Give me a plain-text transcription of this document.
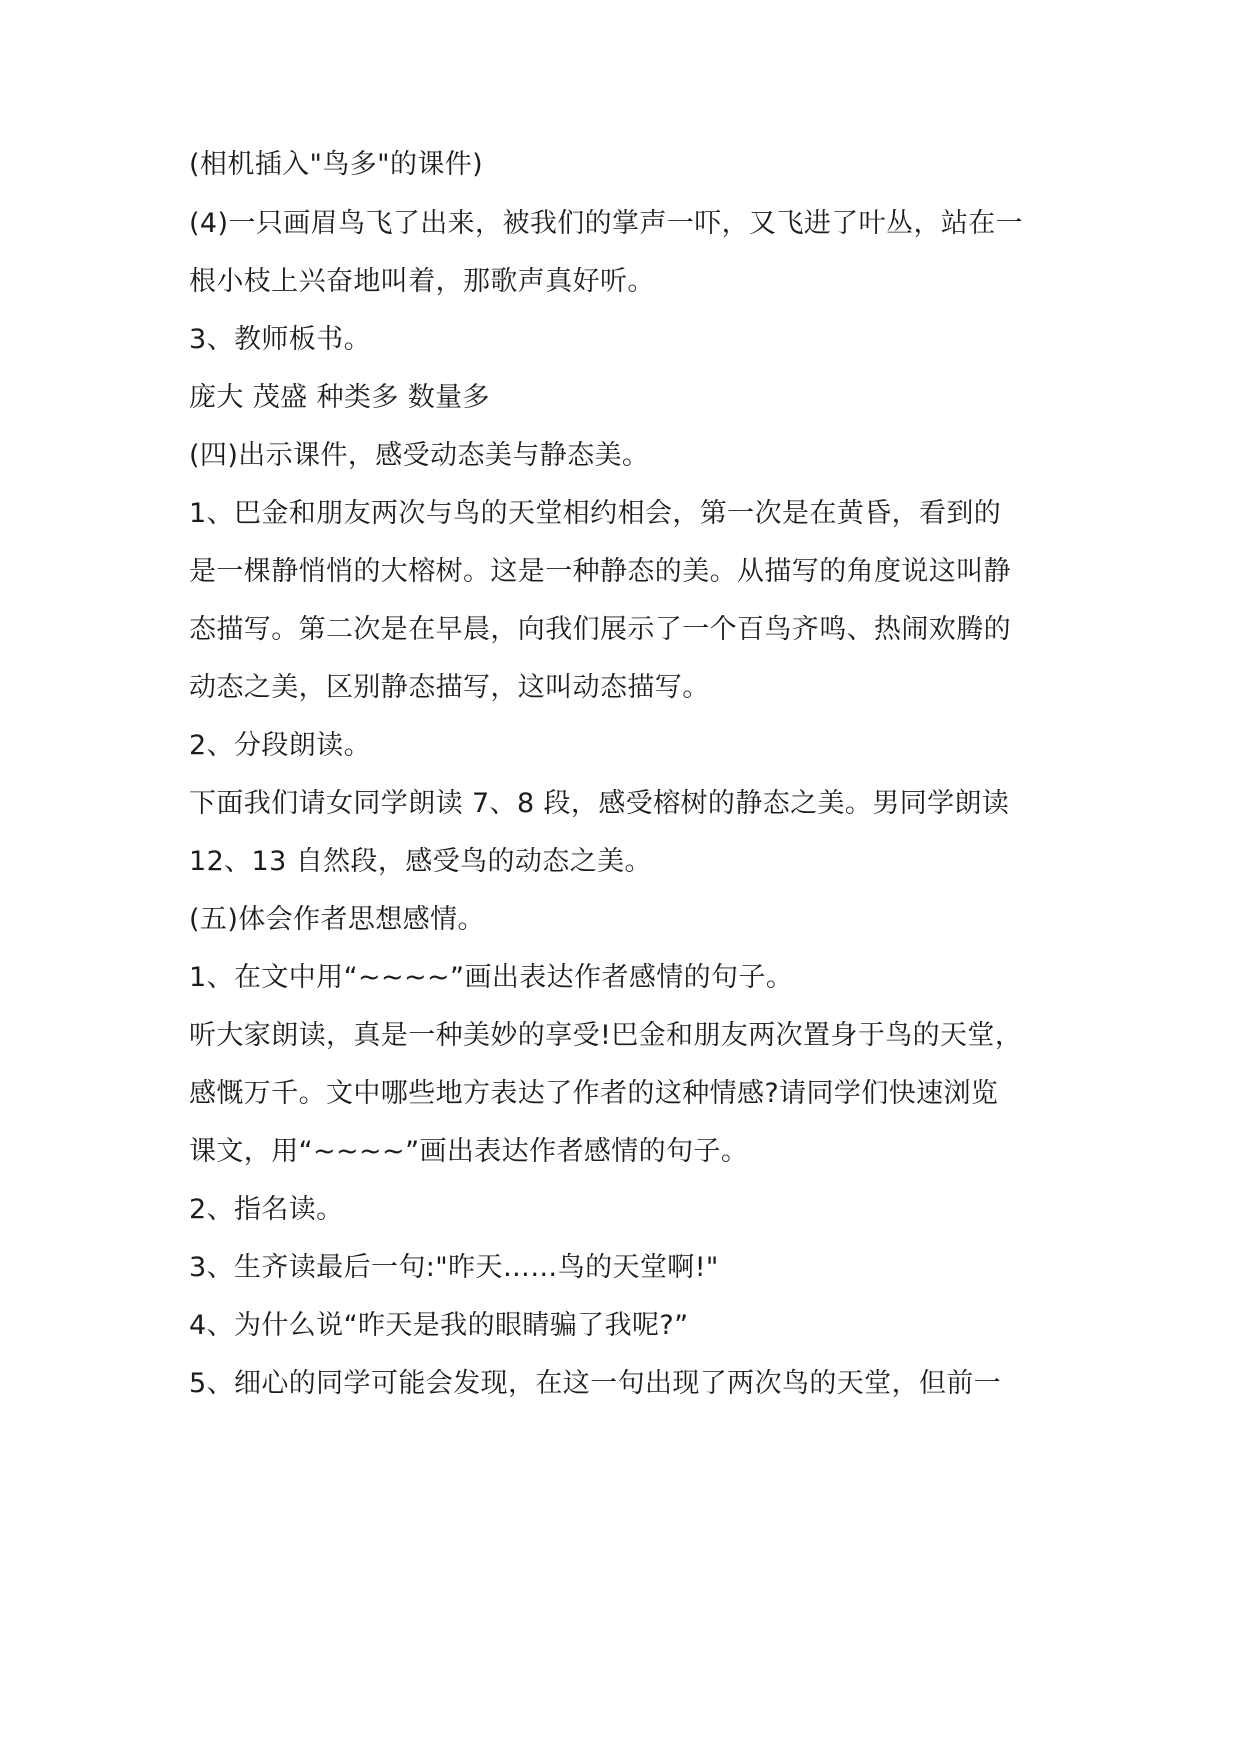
(相机插入"鸟多"的课件)
(4)一只画眉鸟飞了出来，被我们的掌声一吓，又飞进了叶丛，站在一
根小枝上兴奋地叫着，那歌声真好听。
3、教师板书。
庞大 茂盛 种类多 数量多
(四)出示课件，感受动态美与静态美。
1、巴金和朋友两次与鸟的天堂相约相会，第一次是在黄昏，看到的
是一棵静悄悄的大榕树。这是一种静态的美。从描写的角度说这叫静
态描写。第二次是在早晨，向我们展示了一个百鸟齐鸣、热闹欢腾的
动态之美，区别静态描写，这叫动态描写。
2、分段朗读。
下面我们请女同学朗读 7、8 段，感受榕树的静态之美。男同学朗读
12、13 自然段，感受鸟的动态之美。
(五)体会作者思想感情。
1、在文中用“~~~~”画出表达作者感情的句子。
听大家朗读，真是一种美妙的享受!巴金和朋友两次置身于鸟的天堂，
感慨万千。文中哪些地方表达了作者的这种情感?请同学们快速浏览
课文，用“~~~~”画出表达作者感情的句子。
2、指名读。
3、生齐读最后一句:"昨天……鸟的天堂啊!"
4、为什么说“昨天是我的眼睛骗了我呢?”
5、细心的同学可能会发现，在这一句出现了两次鸟的天堂，但前一
